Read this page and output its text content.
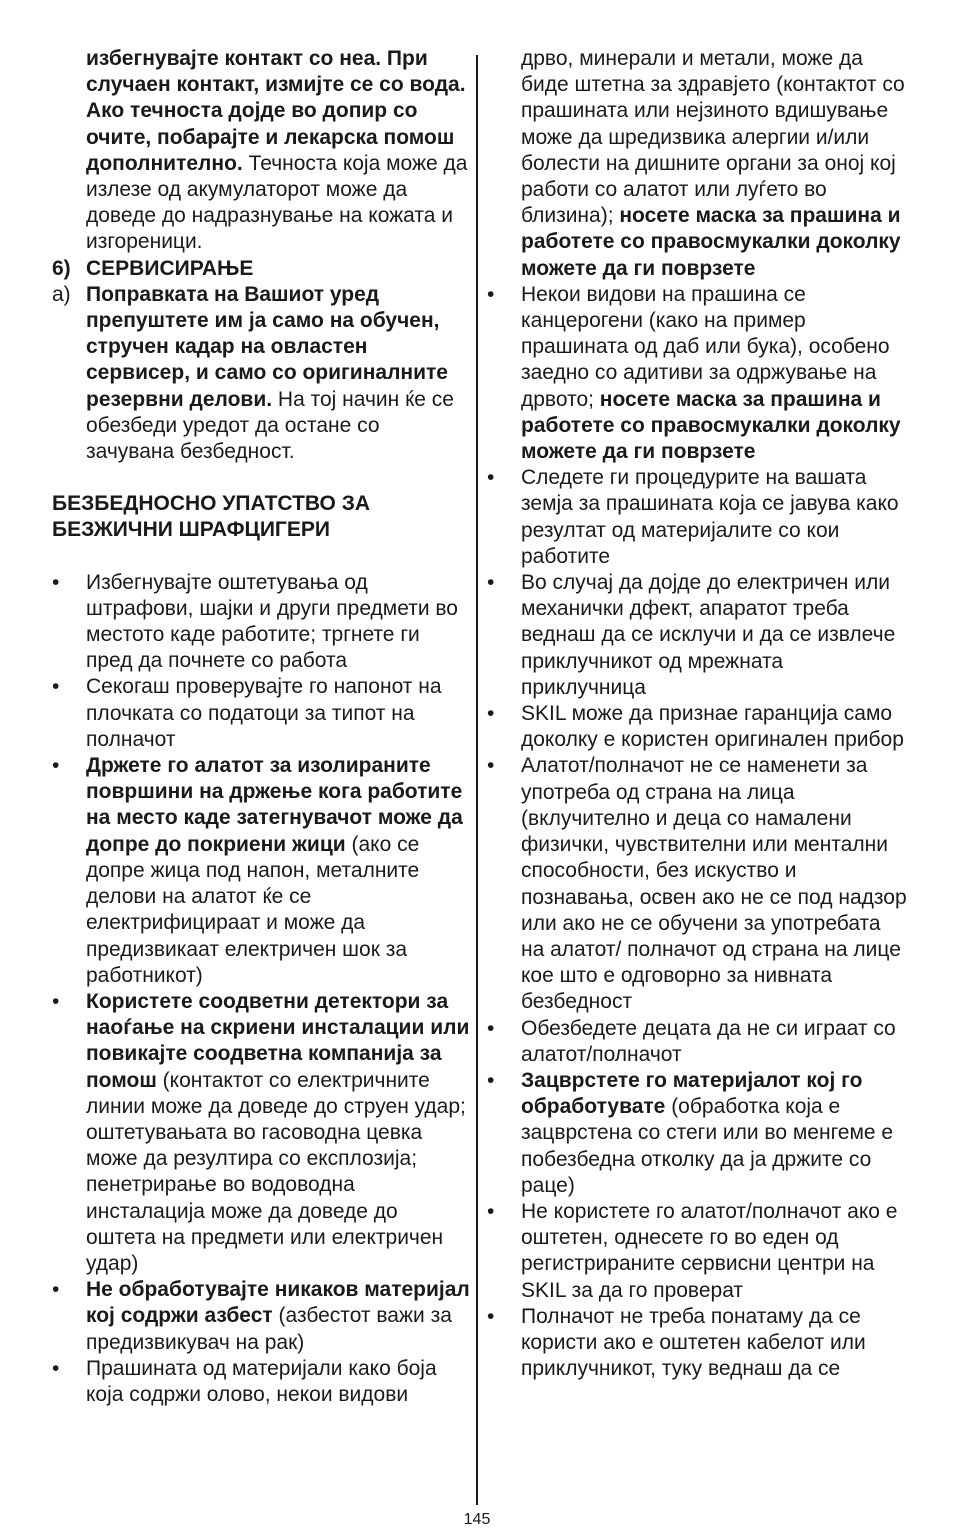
избегнувајте контакт со неа. При случаен контакт, измијте се со вода. Ако течноста дојде во допир со очите, побарајте и лекарска помош дополнително. Течноста која може да излезе од акумулаторот може да доведе до надразнување на кожата и изгореници.

6) СЕРВИСИРАЊЕ
а) Поправката на Вашиот уред препуштете им ја само на обучен, стручен кадар на овластен сервисер, и само со оригиналните резервни делови. На тој начин ќе се обезбеди уредот да остане со зачувана безбедност.

БЕЗБЕДНОСНО УПАТСТВО ЗА БЕЗЖИЧНИ ШРАФЦИГЕРИ

•	Избегнувајте оштетувања од штрафови, шајки и други предмети во местото каде работите; тргнете ги пред да почнете со работа
•	Секогаш проверувајте го напонот на плочката со податоци за типот на полначот
•	Држете го алатот за изолираните површини на држење кога работите на место каде затегнувачот може да допре до покриени жици (ако се допре жица под напон, металните делови на алатот ќе се електрифицираат и може да предизвикаат електричен шок за работникот)
•	Користете соодветни детектори за наоѓање на скриени инсталации или повикајте соодветна компанија за помош (контактот со електричните линии може да доведе до струен удар; оштетувањата во гасоводна цевка може да резултира со експлозија; пенетрирање во водоводна инсталација може да доведе до оштета на предмети или електричен удар)
•	Не обработувајте никаков материјал кој содржи азбест (азбестот важи за предизвикувач на рак)
•	Прашината од материјали како боја која содржи олово, некои видови

дрво, минерали и метали, може да биде штетна за здравјето (контактот со прашината или нејзиното вдишување може да шредизвика алергии и/или болести на дишните органи за оној кој работи со алатот или луѓето во близина); носете маска за прашина и работете со правосмукалки доколку можете да ги поврзете

•	Некои видови на прашина се канцерогени (како на пример прашината од даб или бука), особено заедно со адитиви за одржување на дрвото; носете маска за прашина и работете со правосмукалки доколку можете да ги поврзете
•	Следете ги процедурите на вашата земја за прашината која се јавува како резултат од материјалите со кои работите
•	Во случај да дојде до електричен или механички дфект, апаратот треба веднаш да се исклучи и да се извлече приклучникот од мрежната приклучница
•	SKIL може да признае гаранција само доколку е користен оригинален прибор
•	Алатот/полначот не се наменети за употреба од страна на лица (вклучително и деца со намалени физички, чувствителни или ментални способности, без искуство и познавања, освен ако не се под надзор или ако не се обучени за употребата на алатот/ полначот од страна на лице кое што е одговорно за нивната безбедност
•	Обезбедете децата да не си играат со алатот/полначот
•	Зацврстете го материјалот кој го обработувате (обработка која е зацврстена со стеги или во менгеме е побезбедна отколку да ја држите со раце)
•	Не користете го алатот/полначот ако е оштетен, однесете го во еден од регистрираните сервисни центри на SKIL за да го проверат
•	Полначот не треба понатаму да се користи ако е оштетен кабелот или приклучникот, туку веднаш да се
145
